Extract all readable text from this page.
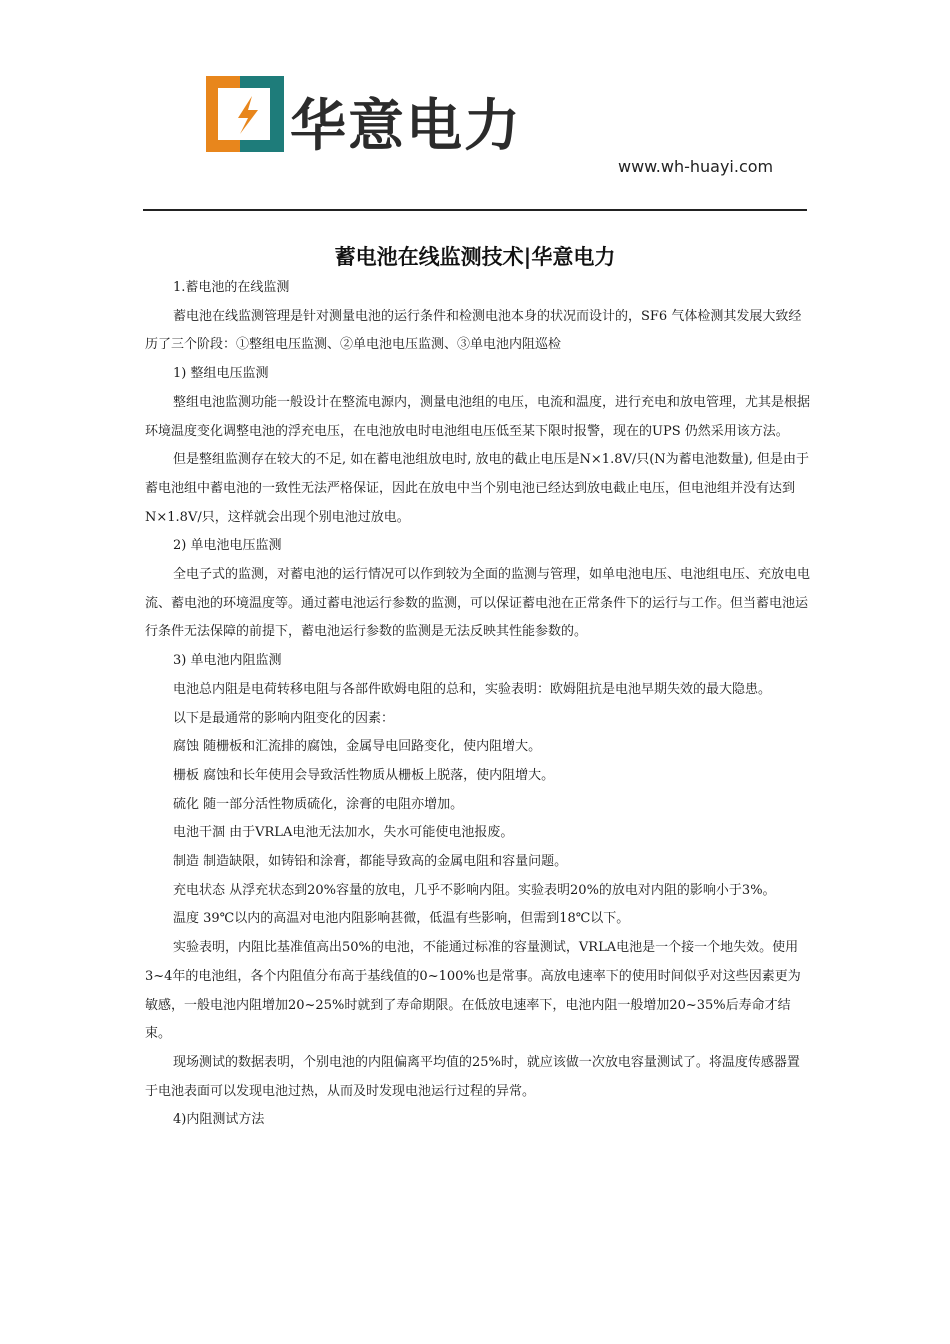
华意电力
www.wh-huayi.com
蓄电池在线监测技术|华意电力

1.蓄电池的在线监测

蓄电池在线监测管理是针对测量电池的运行条件和检测电池本身的状况而设计的，SF6 气体检测其发展大致经历了三个阶段：①整组电压监测、②单电池电压监测、③单电池内阻巡检

1) 整组电压监测

整组电池监测功能一般设计在整流电源内，测量电池组的电压，电流和温度，进行充电和放电管理，尤其是根据环境温度变化调整电池的浮充电压，在电池放电时电池组电压低至某下限时报警，现在的UPS 仍然采用该方法。

但是整组监测存在较大的不足, 如在蓄电池组放电时, 放电的截止电压是N×1.8V/只(N为蓄电池数量), 但是由于蓄电池组中蓄电池的一致性无法严格保证，因此在放电中当个别电池已经达到放电截止电压，但电池组并没有达到N×1.8V/只，这样就会出现个别电池过放电。

2) 单电池电压监测

全电子式的监测，对蓄电池的运行情况可以作到较为全面的监测与管理，如单电池电压、电池组电压、充放电电流、蓄电池的环境温度等。通过蓄电池运行参数的监测，可以保证蓄电池在正常条件下的运行与工作。但当蓄电池运行条件无法保障的前提下，蓄电池运行参数的监测是无法反映其性能参数的。

3) 单电池内阻监测

电池总内阻是电荷转移电阻与各部件欧姆电阻的总和，实验表明：欧姆阻抗是电池早期失效的最大隐患。

以下是最通常的影响内阻变化的因素：

腐蚀 随栅板和汇流排的腐蚀，金属导电回路变化，使内阻增大。

栅板 腐蚀和长年使用会导致活性物质从栅板上脱落，使内阻增大。

硫化 随一部分活性物质硫化，涂膏的电阻亦增加。

电池干涸 由于VRLA电池无法加水，失水可能使电池报废。

制造 制造缺限，如铸铅和涂膏，都能导致高的金属电阻和容量问题。

充电状态 从浮充状态到20%容量的放电，几乎不影响内阻。实验表明20%的放电对内阻的影响小于3%。

温度 39℃以内的高温对电池内阻影响甚微，低温有些影响，但需到18℃以下。

实验表明，内阻比基准值高出50%的电池，不能通过标准的容量测试，VRLA电池是一个接一个地失效。使用3~4年的电池组，各个内阻值分布高于基线值的0~100%也是常事。高放电速率下的使用时间似乎对这些因素更为敏感，一般电池内阻增加20~25%时就到了寿命期限。在低放电速率下，电池内阻一般增加20~35%后寿命才结束。

现场测试的数据表明，个别电池的内阻偏离平均值的25%时，就应该做一次放电容量测试了。将温度传感器置于电池表面可以发现电池过热，从而及时发现电池运行过程的异常。

4)内阻测试方法
